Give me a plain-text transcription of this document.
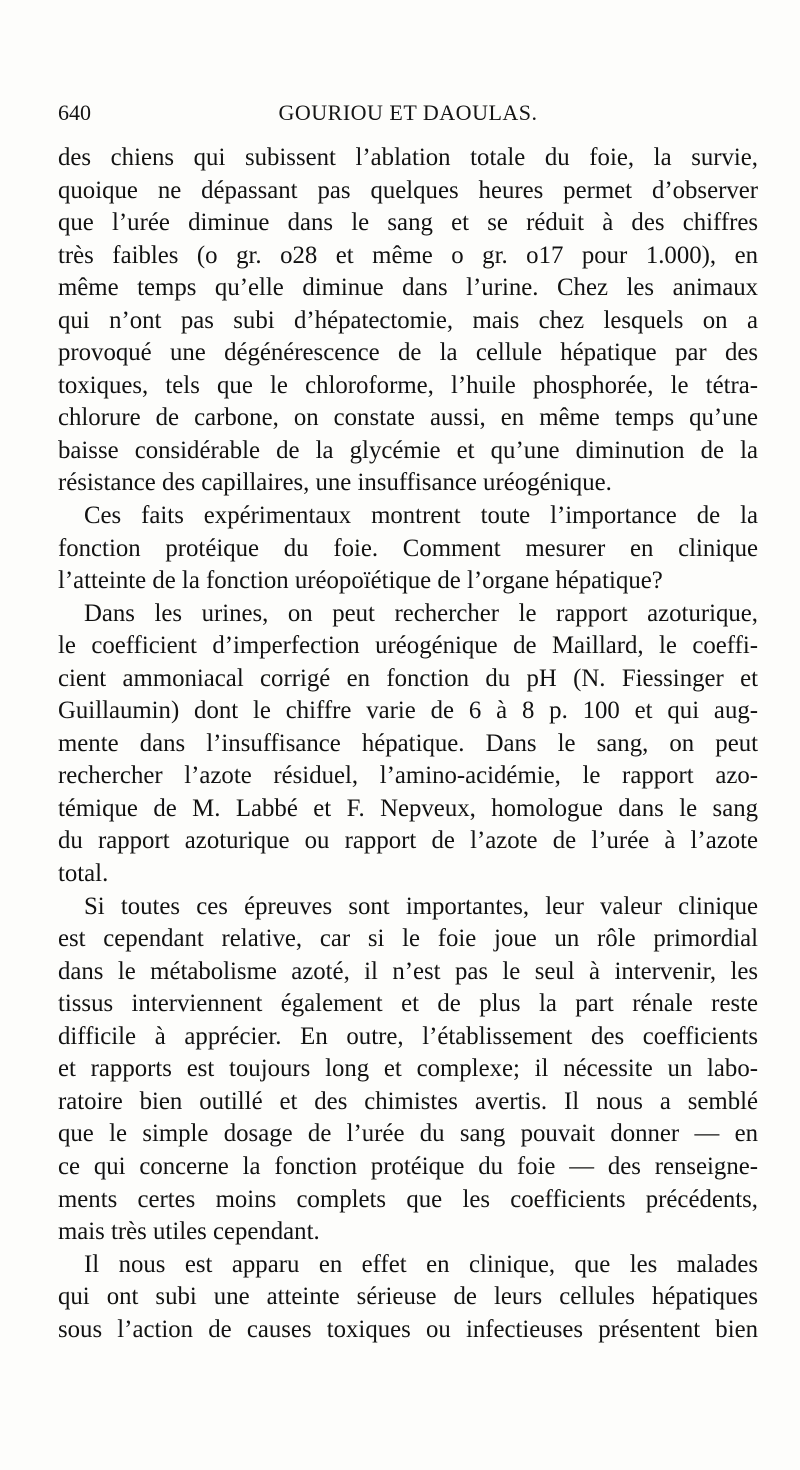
640	GOURIOU ET DAOULAS.
des chiens qui subissent l’ablation totale du foie, la survie,
quoique ne dépassant pas quelques heures permet d’observer
que l’urée diminue dans le sang et se réduit à des chiffres
très faibles (o gr. o28 et même o gr. o17 pour 1.000), en
même temps qu’elle diminue dans l’urine. Chez les animaux
qui n’ont pas subi d’hépatectomie, mais chez lesquels on a
provoqué une dégénérescence de la cellule hépatique par des
toxiques, tels que le chloroforme, l’huile phosphorée, le tétra-
chlorure de carbone, on constate aussi, en même temps qu’une
baisse considérable de la glycémie et qu’une diminution de la
résistance des capillaires, une insuffisance uréogénique.
Ces faits expérimentaux montrent toute l’importance de la
fonction protéique du foie. Comment mesurer en clinique
l’atteinte de la fonction uréopoïétique de l’organe hépatique?
Dans les urines, on peut rechercher le rapport azoturique,
le coefficient d’imperfection uréogénique de Maillard, le coeffi-
cient ammoniacal corrigé en fonction du pH (N. Fiessinger et
Guillaumin) dont le chiffre varie de 6 à 8 p. 100 et qui aug-
mente dans l’insuffisance hépatique. Dans le sang, on peut
rechercher l’azote résiduel, l’amino-acidémie, le rapport azo-
témique de M. Labbé et F. Nepveux, homologue dans le sang
du rapport azoturique ou rapport de l’azote de l’urée à l’azote
total.
Si toutes ces épreuves sont importantes, leur valeur clinique
est cependant relative, car si le foie joue un rôle primordial
dans le métabolisme azoté, il n’est pas le seul à intervenir, les
tissus interviennent également et de plus la part rénale reste
difficile à apprécier. En outre, l’établissement des coefficients
et rapports est toujours long et complexe; il nécessite un labo-
ratoire bien outillé et des chimistes avertis. Il nous a semblé
que le simple dosage de l’urée du sang pouvait donner — en
ce qui concerne la fonction protéique du foie — des renseigne-
ments certes moins complets que les coefficients précédents,
mais très utiles cependant.
Il nous est apparu en effet en clinique, que les malades
qui ont subi une atteinte sérieuse de leurs cellules hépatiques
sous l’action de causes toxiques ou infectieuses présentent bien
